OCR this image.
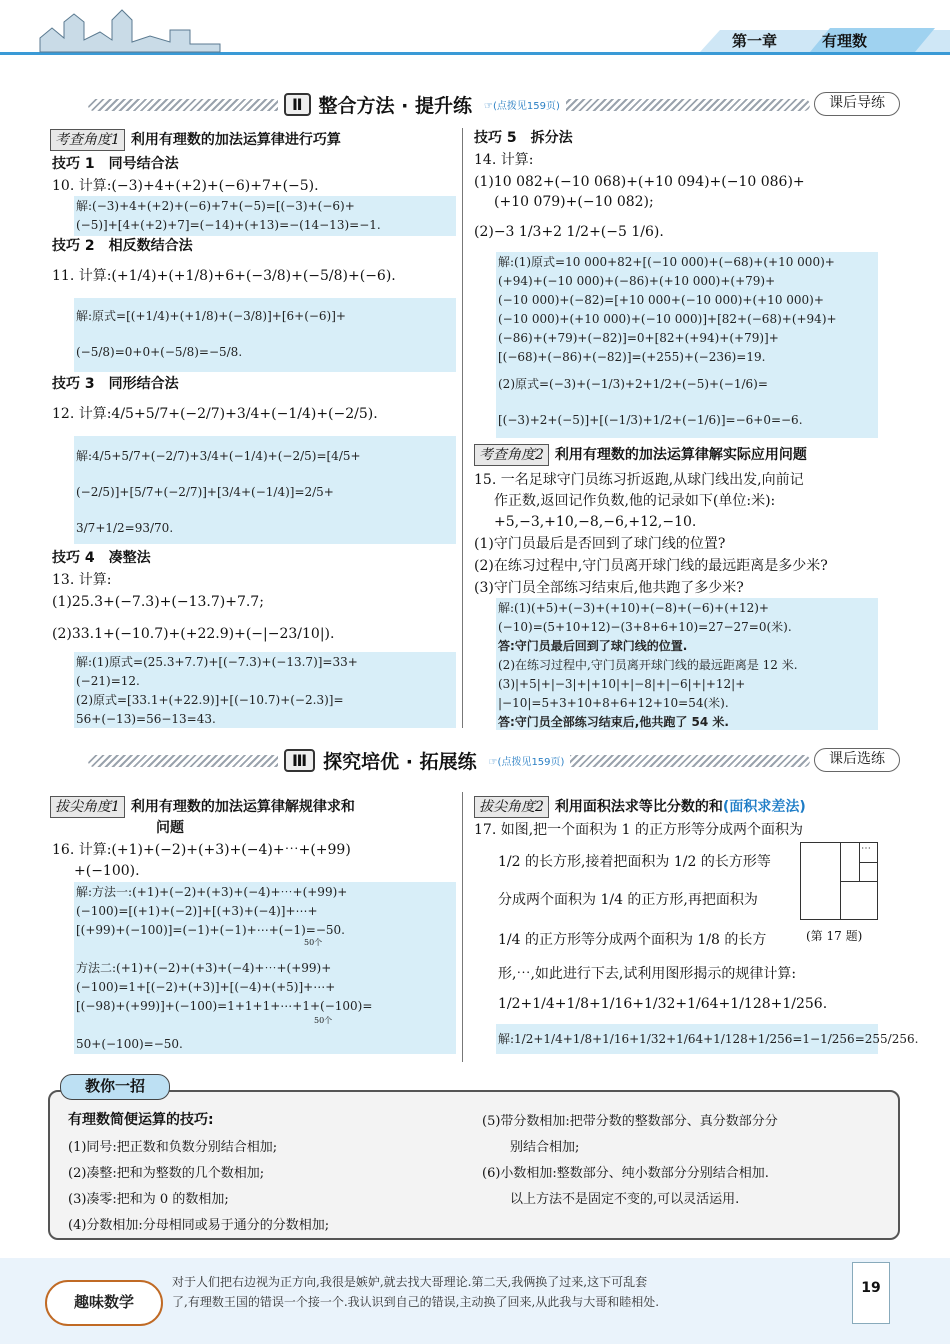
第一章	有理数
Ⅱ 整合方法 · 提升练 ☞(点拨见159页)	课后导练
考查角度1 利用有理数的加法运算律进行巧算
技巧 1　同号结合法
10. 计算:(−3)+4+(+2)+(−6)+7+(−5).
解:(−3)+4+(+2)+(−6)+7+(−5)=[(−3)+(−6)+
(−5)]+[4+(+2)+7]=(−14)+(+13)=−(14−13)=−1.
技巧 2　相反数结合法
11. 计算:(+1/4)+(+1/8)+6+(−3/8)+(−5/8)+(−6).
解:原式=[(+1/4)+(+1/8)+(−3/8)]+[6+(−6)]+
(−5/8)=0+0+(−5/8)=−5/8.
技巧 3　同形结合法
12. 计算:4/5+5/7+(−2/7)+3/4+(−1/4)+(−2/5).
解:4/5+5/7+(−2/7)+3/4+(−1/4)+(−2/5)=[4/5+
(−2/5)]+[5/7+(−2/7)]+[3/4+(−1/4)]=2/5+
3/7+1/2=93/70.
技巧 4　凑整法
13. 计算:
(1)25.3+(−7.3)+(−13.7)+7.7;
(2)33.1+(−10.7)+(+22.9)+(−|−23/10|).
解:(1)原式=(25.3+7.7)+[(−7.3)+(−13.7)]=33+
(−21)=12.
(2)原式=[33.1+(+22.9)]+[(−10.7)+(−2.3)]=
56+(−13)=56−13=43.
技巧 5　拆分法
14. 计算:
(1)10 082+(−10 068)+(+10 094)+(−10 086)+
(+10 079)+(−10 082);
(2)−3 1/3+2 1/2+(−5 1/6).
解:(1)原式=10 000+82+[(−10 000)+(−68)+(+10 000)+
(+94)+(−10 000)+(−86)+(+10 000)+(+79)+
(−10 000)+(−82)=[+10 000+(−10 000)+(+10 000)+
(−10 000)+(+10 000)+(−10 000)]+[82+(−68)+(+94)+
(−86)+(+79)+(−82)]=0+[82+(+94)+(+79)]+
[(−68)+(−86)+(−82)]=(+255)+(−236)=19.
(2)原式=(−3)+(−1/3)+2+1/2+(−5)+(−1/6)=
[(−3)+2+(−5)]+[(−1/3)+1/2+(−1/6)]=−6+0=−6.
考查角度2 利用有理数的加法运算律解实际应用问题
15. 一名足球守门员练习折返跑,从球门线出发,向前记
作正数,返回记作负数,他的记录如下(单位:米):
+5,−3,+10,−8,−6,+12,−10.
(1)守门员最后是否回到了球门线的位置?
(2)在练习过程中,守门员离开球门线的最远距离是多少米?
(3)守门员全部练习结束后,他共跑了多少米?
解:(1)(+5)+(−3)+(+10)+(−8)+(−6)+(+12)+
(−10)=(5+10+12)−(3+8+6+10)=27−27=0(米).
答:守门员最后回到了球门线的位置.
(2)在练习过程中,守门员离开球门线的最远距离是 12 米.
(3)|+5|+|−3|+|+10|+|−8|+|−6|+|+12|+
|−10|=5+3+10+8+6+12+10=54(米).
答:守门员全部练习结束后,他共跑了 54 米.
Ⅲ 探究培优 · 拓展练 ☞(点拨见159页)	课后选练
拔尖角度1 利用有理数的加法运算律解规律求和
问题
16. 计算:(+1)+(−2)+(+3)+(−4)+⋯+(+99)
+(−100).
解:方法一:(+1)+(−2)+(+3)+(−4)+⋯+(+99)+
(−100)=[(+1)+(−2)]+[(+3)+(−4)]+⋯+
[(+99)+(−100)]=(−1)+(−1)+⋯+(−1)=−50.
50个
方法二:(+1)+(−2)+(+3)+(−4)+⋯+(+99)+
(−100)=1+[(−2)+(+3)]+[(−4)+(+5)]+⋯+
[(−98)+(+99)]+(−100)=1+1+1+⋯+1+(−100)=
50个
50+(−100)=−50.
拔尖角度2 利用面积法求等比分数的和(面积求差法)
17. 如图,把一个面积为 1 的正方形等分成两个面积为
1/2 的长方形,接着把面积为 1/2 的长方形等
分成两个面积为 1/4 的正方形,再把面积为
1/4 的正方形等分成两个面积为 1/8 的长方
形,⋯,如此进行下去,试利用图形揭示的规律计算:
1/2+1/4+1/8+1/16+1/32+1/64+1/128+1/256.
⋯
(第 17 题)
解:1/2+1/4+1/8+1/16+1/32+1/64+1/128+1/256=1−1/256=255/256.
有理数简便运算的技巧:
(1)同号:把正数和负数分别结合相加;
(2)凑整:把和为整数的几个数相加;
(3)凑零:把和为 0 的数相加;
(4)分数相加:分母相同或易于通分的分数相加;
(5)带分数相加:把带分数的整数部分、真分数部分分
别结合相加;
(6)小数相加:整数部分、纯小数部分分别结合相加.
以上方法不是固定不变的,可以灵活运用.
教你一招
趣味数学
对于人们把右边视为正方向,我很是嫉妒,就去找大哥理论.第二天,我俩换了过来,这下可乱套
了,有理数王国的错误一个接一个.我认识到自己的错误,主动换了回来,从此我与大哥和睦相处.
19
